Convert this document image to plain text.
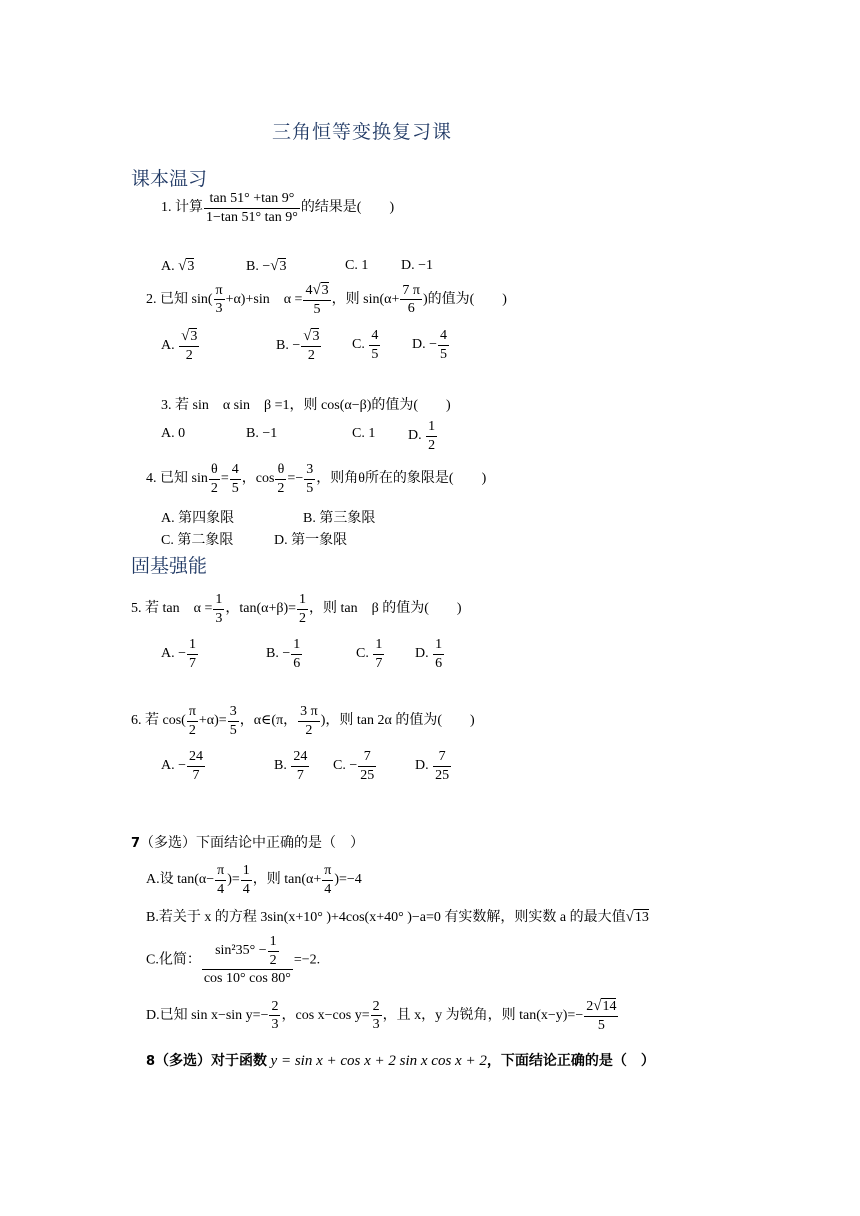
三角恒等变换复习课
课本温习
1. 计算 $\frac{\tan 51^\circ +\tan 9^\circ}{1-\tan 51^\circ \tan 9^\circ}$ 的结果是(　　)
A. √3	B. −√3	C. 1 D. −1
2. 已知 $\sin( \frac{\pi}{3} +\alpha)+\sin$　$\alpha = \frac{4√3}{5}$ ，则 $\sin(\alpha+ \frac{7 \pi}{6}$ )的值为(　　)
A. $\frac{√3}{2}$	B. − $\frac{√3}{2} C$. $\frac{4}{5} D$. − $\frac{4}{5}$
3. 若 sin　α sin　β =1，则 cos(α−β)的值为(　　)
A. 0	B. −1	C. 1 D. $\frac{1}{2}$
4. 已知 $\sin \frac{\theta}{2} = \frac{4}{5}$ ，$\cos \frac{\theta}{2} =- \frac{3}{5}$ ，则角θ所在的象限是(　　)
A. 第四象限	B. 第三象限
C. 第二象限	D. 第一象限
固基强能
5. 若 tan　$\alpha = \frac{1}{3}$ ，$\tan(\alpha+\beta)= \frac{1}{2}$ ，则 tan　β 的值为(　　)
A. − $\frac{1}{7}$	B. − $\frac{1}{6}$	C. $\frac{1}{7} D$. $\frac{1}{6}$
6. 若 $\cos( \frac{\pi}{2} +\alpha)= \frac{3}{5}$ ，α∈(π， $\frac{3 \pi}{2}$ )，则 tan 2α 的值为(　　)
A. − $\frac{24}{7}$	B. $\frac{24}{7} C$. − $\frac{7}{25}$	D. $\frac{7}{25}$
7（多选）下面结论中正确的是（　）
A.设 $\tan(\alpha- \frac{\pi}{4}$ )= $\frac{1}{4}$ ，则 $\tan(\alpha+ \frac{\pi}{4} )=-4$
B.若关于 x 的方程 3sin(x+10° )+4cos(x+40° )−a=0 有实数解，则实数 a 的最大值√13
C.化简： $\frac{\sin^235^\circ - \frac{1}{2}}{\cos 10^\circ \cos 80^\circ} =-2$.
D.已知 sin x−sin $y=- \frac{2}{3}$ ，cos x−cos $y= \frac{2}{3}$ ，且 x，y 为锐角，则 $\tan(x-y)=- \frac{2√14}{5}$
8（多选）对于函数 y = sin x + cos x + 2 sin x cos x + 2，下面结论正确的是（　）
